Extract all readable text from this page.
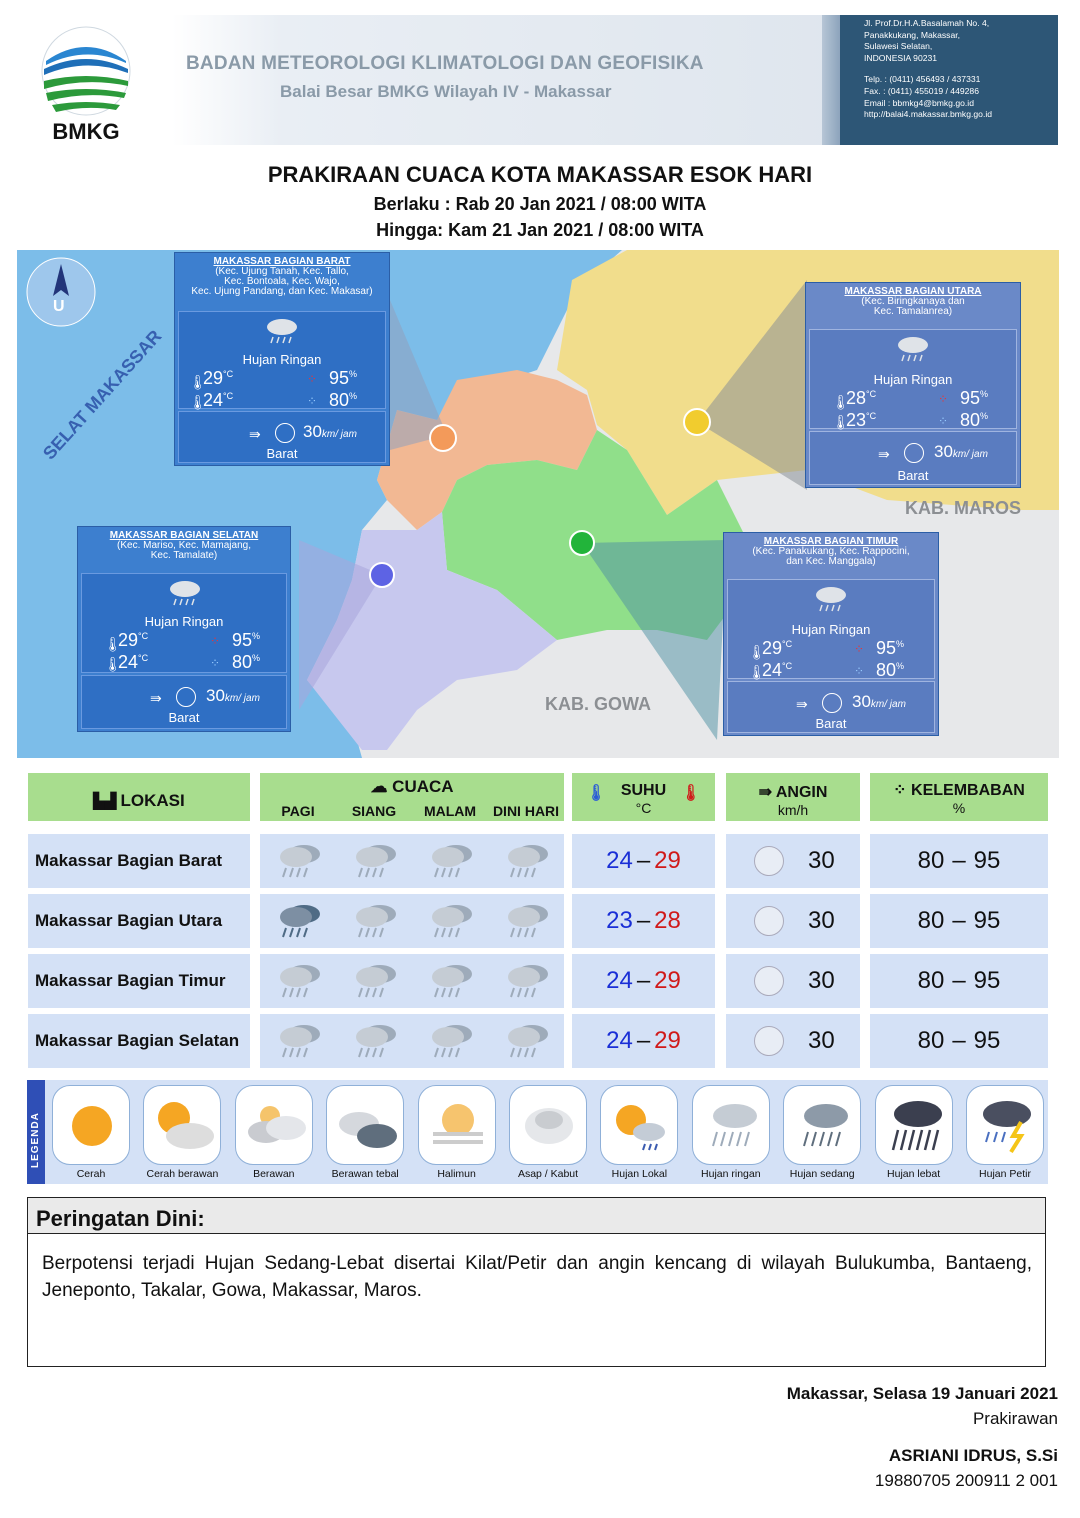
BMKG
BADAN METEOROLOGI KLIMATOLOGI DAN GEOFISIKA
Balai Besar BMKG Wilayah IV - Makassar
Jl. Prof.Dr.H.A.Basalamah No. 4,
Panakkukang, Makassar,
Sulawesi Selatan,
INDONESIA 90231
Telp. : (0411) 456493 / 437331
Fax. : (0411) 455019 / 449286
Email : bbmkg4@bmkg.go.id
http://balai4.makassar.bmkg.go.id
PRAKIRAAN CUACA KOTA MAKASSAR ESOK HARI
Berlaku : Rab 20 Jan 2021 / 08:00 WITA
Hingga: Kam 21 Jan 2021 / 08:00 WITA
U
SELAT MAKASSAR
KAB. MAROS
KAB. GOWA
MAKASSAR BAGIAN BARAT
(Kec. Ujung Tanah, Kec. Tallo,
Kec. Bontoala, Kec. Wajo,
Kec. Ujung Pandang, dan Kec. Makasar)
Hujan Ringan
$29^{^\circ C}$
$24^{^\circ C}$
95%
80%
🌡
🌡
⁘
⁘
⇛ 30km/ jam
Barat
MAKASSAR BAGIAN UTARA
(Kec. Biringkanaya dan
Kec. Tamalanrea)
Hujan Ringan
$28^{^\circ C}$
$23^{^\circ C}$
95%
80%
🌡
🌡
⁘
⁘
⇛	30km/ jam
Barat
MAKASSAR BAGIAN SELATAN
(Kec. Mariso, Kec. Mamajang,
Kec. Tamalate)
Hujan Ringan
$29^{^\circ C}$
$24^{^\circ C}$
95%
80%
🌡
🌡
⁘
⁘
⇛	30km/ jam
Barat
MAKASSAR BAGIAN TIMUR
(Kec. Panakukang, Kec. Rappocini,
dan Kec. Manggala)
Hujan Ringan
$29^{^\circ C}$
$24^{^\circ C}$
95%
80%
🌡
🌡
⁘
⁘
⇛	30km/ jam
Barat
▙▟ LOKASI
☁ CUACA
PAGI	SIANG	MALAM	DINI HARI
SUHU
°C
🌡	🌡	⇛ ANGIN
km/h
⁘ KELEMBABAN
%
Makassar Bagian Barat	24 – 29	30	80 – 95
Makassar Bagian Utara	23 – 28	30	80 – 95
Makassar Bagian Timur	24 – 29	30	80 – 95
Makassar Bagian Selatan	24 – 29	30	80 – 95
LEGENDA
Cerah	Cerah berawan	Berawan	Berawan tebal	Halimun	Asap / Kabut	Hujan Lokal	Hujan ringan	Hujan sedang	Hujan lebat	Hujan Petir
Peringatan Dini:
Berpotensi terjadi Hujan Sedang-Lebat disertai Kilat/Petir dan angin kencang di wilayah Bulukumba, Bantaeng, Jeneponto, Takalar, Gowa, Makassar, Maros.
Makassar, Selasa 19 Januari 2021
Prakirawan
ASRIANI IDRUS, S.Si
19880705 200911 2 001
